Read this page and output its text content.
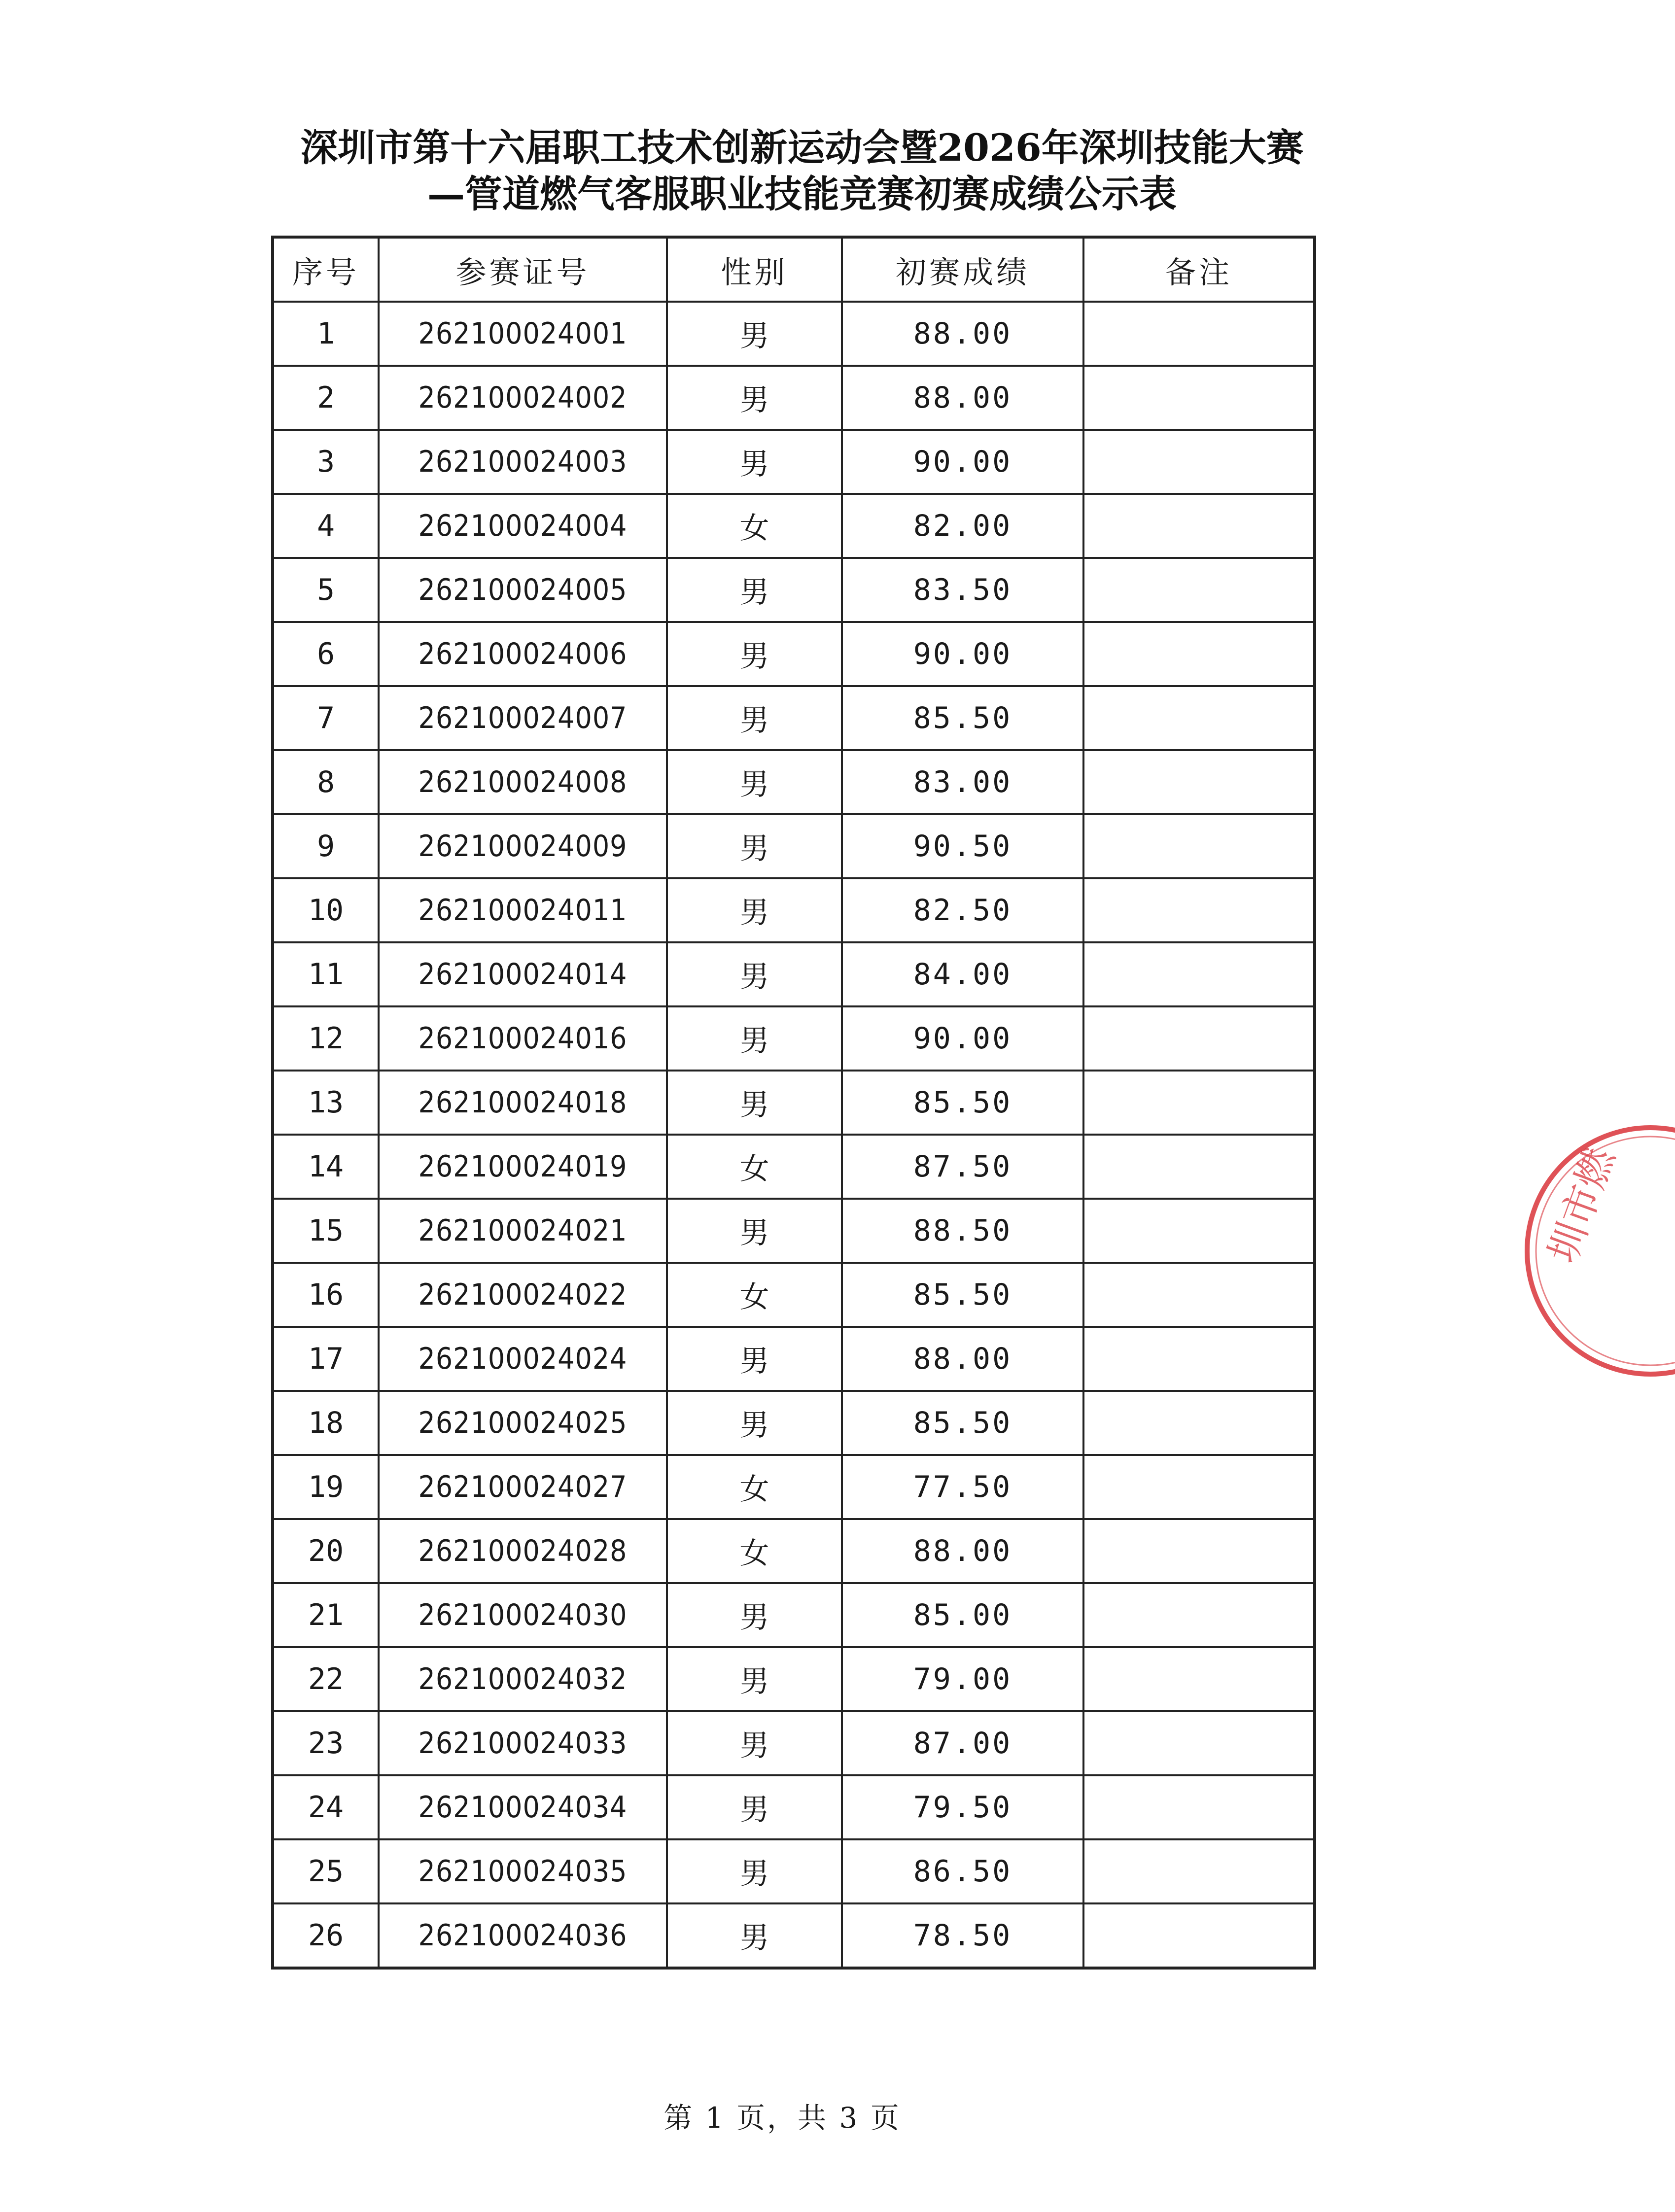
深圳市第十六届职工技术创新运动会暨2026年深圳技能大赛
—管道燃气客服职业技能竞赛初赛成绩公示表
序号	参赛证号	性别	初赛成绩	备注
1	262100024001	男	88.00	
2	262100024002	男	88.00	
3	262100024003	男	90.00	
4	262100024004	女	82.00	
5	262100024005	男	83.50	
6	262100024006	男	90.00	
7	262100024007	男	85.50	
8	262100024008	男	83.00	
9	262100024009	男	90.50	
10	262100024011	男	82.50	
11	262100024014	男	84.00	
12	262100024016	男	90.00	
13	262100024018	男	85.50	
14	262100024019	女	87.50	
15	262100024021	男	88.50	
16	262100024022	女	85.50	
17	262100024024	男	88.00	
18	262100024025	男	85.50	
19	262100024027	女	77.50	
20	262100024028	女	88.00	
21	262100024030	男	85.00	
22	262100024032	男	79.00	
23	262100024033	男	87.00	
24	262100024034	男	79.50	
25	262100024035	男	86.50	
26	262100024036	男	78.50	
第 1 页，共 3 页
圳市燃
